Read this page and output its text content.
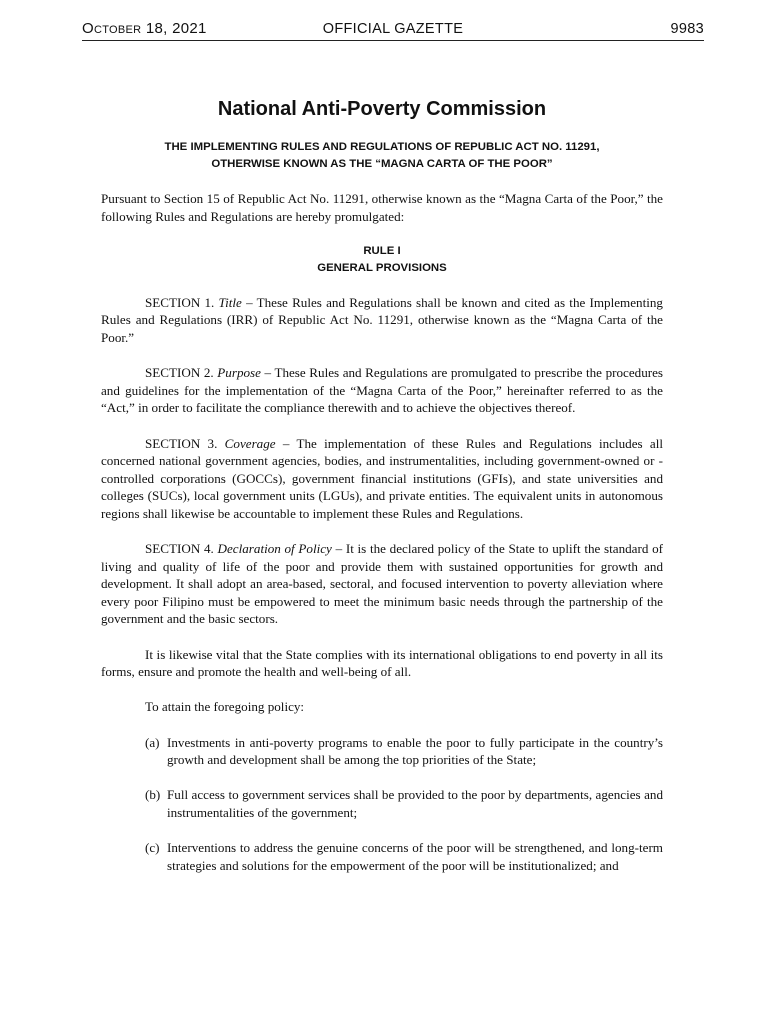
October 18, 2021	OFFICIAL GAZETTE	9983
National Anti-Poverty Commission
THE IMPLEMENTING RULES AND REGULATIONS OF REPUBLIC ACT NO. 11291,
OTHERWISE KNOWN AS THE “MAGNA CARTA OF THE POOR”

Pursuant to Section 15 of Republic Act No. 11291, otherwise known as the “Magna Carta of the Poor,” the following Rules and Regulations are hereby promulgated:

RULE I
GENERAL PROVISIONS

SECTION 1. Title – These Rules and Regulations shall be known and cited as the Implementing Rules and Regulations (IRR) of Republic Act No. 11291, otherwise known as the “Magna Carta of the Poor.”

SECTION 2. Purpose – These Rules and Regulations are promulgated to prescribe the procedures and guidelines for the implementation of the “Magna Carta of the Poor,” hereinafter referred to as the “Act,” in order to facilitate the compliance therewith and to achieve the objectives thereof.

SECTION 3. Coverage – The implementation of these Rules and Regulations includes all concerned national government agencies, bodies, and instrumentalities, including government-owned or -controlled corporations (GOCCs), government financial institutions (GFIs), and state universities and colleges (SUCs), local government units (LGUs), and private entities. The equivalent units in autonomous regions shall likewise be accountable to implement these Rules and Regulations.

SECTION 4. Declaration of Policy – It is the declared policy of the State to uplift the standard of living and quality of life of the poor and provide them with sustained opportunities for growth and development. It shall adopt an area-based, sectoral, and focused intervention to poverty alleviation where every poor Filipino must be empowered to meet the minimum basic needs through the partnership of the government and the basic sectors.

It is likewise vital that the State complies with its international obligations to end poverty in all its forms, ensure and promote the health and well-being of all.

To attain the foregoing policy:

(a) Investments in anti-poverty programs to enable the poor to fully participate in the country’s growth and development shall be among the top priorities of the State;
(b) Full access to government services shall be provided to the poor by departments, agencies and instrumentalities of the government;
(c) Interventions to address the genuine concerns of the poor will be strengthened, and long-term strategies and solutions for the empowerment of the poor will be institutionalized; and
